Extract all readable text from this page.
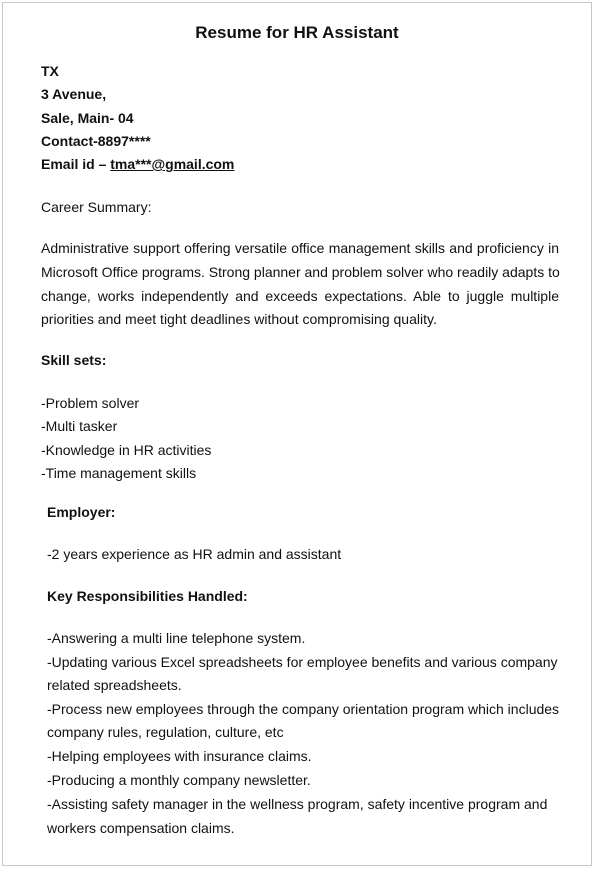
Resume for HR Assistant
TX
3 Avenue,
Sale, Main- 04
Contact-8897****
Email id – tma***@gmail.com
Career Summary:
Administrative support offering versatile office management skills and proficiency in
Microsoft Office programs. Strong planner and problem solver who readily adapts to
change, works independently and exceeds expectations. Able to juggle multiple
priorities and meet tight deadlines without compromising quality.
Skill sets:
-Problem solver
-Multi tasker
-Knowledge in HR activities
-Time management skills
Employer:
-2 years experience as HR admin and assistant
Key Responsibilities Handled:
-Answering a multi line telephone system.
-Updating various Excel spreadsheets for employee benefits and various company
related spreadsheets.
-Process new employees through the company orientation program which includes
company rules, regulation, culture, etc
-Helping employees with insurance claims.
-Producing a monthly company newsletter.
-Assisting safety manager in the wellness program, safety incentive program and
workers compensation claims.
